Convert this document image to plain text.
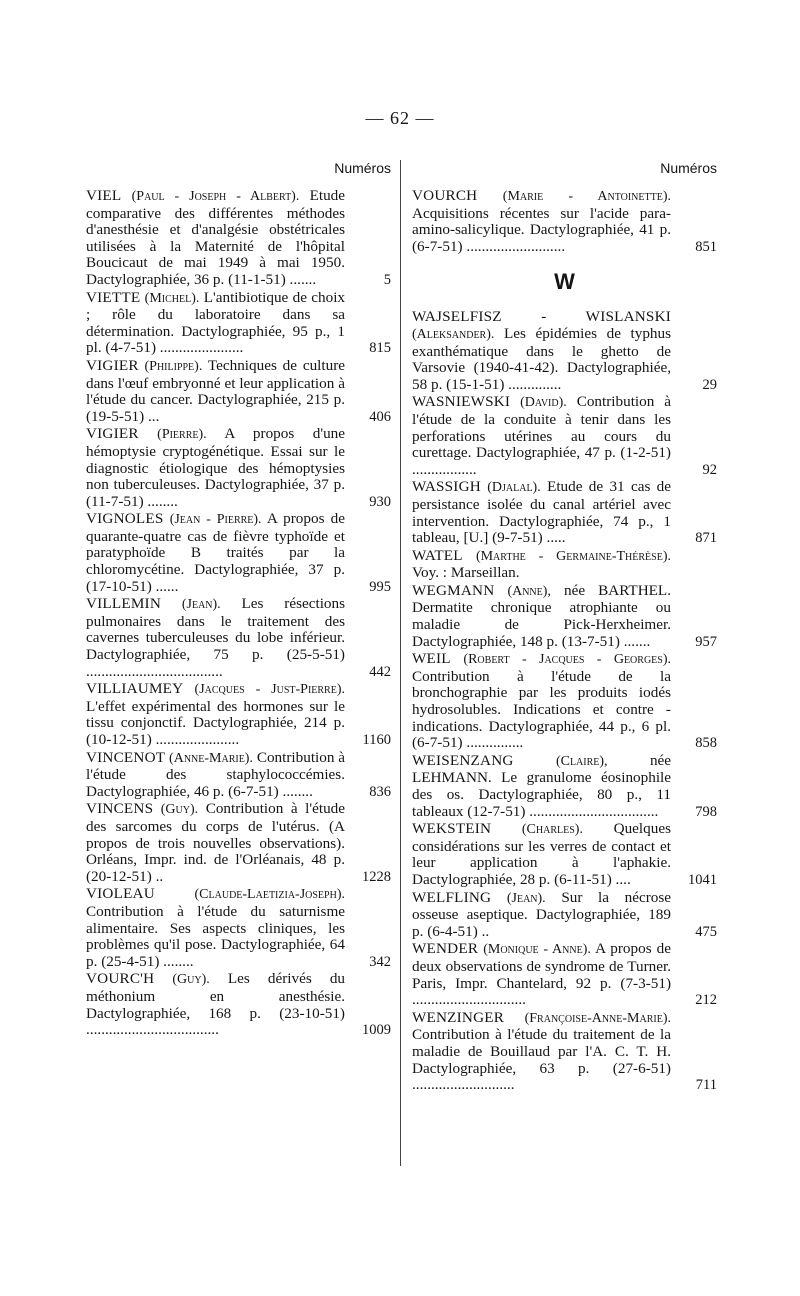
— 62 —
Numéros
VIEL (Paul - Joseph - Albert). Etude comparative des différentes méthodes d'anesthésie et d'analgésie obstétricales utilisées à la Maternité de l'hôpital Boucicaut de mai 1949 à mai 1950. Dactylographiée, 36 p. (11-1-51) .......	5
VIETTE (Michel). L'antibiotique de choix ; rôle du laboratoire dans sa détermination. Dactylographiée, 95 p., 1 pl. (4-7-51) ......................	815
VIGIER (Philippe). Techniques de culture dans l'œuf embryonné et leur application à l'étude du cancer. Dactylographiée, 215 p. (19-5-51) ...	406
VIGIER (Pierre). A propos d'une hémoptysie cryptogénétique. Essai sur le diagnostic étiologique des hémoptysies non tuberculeuses. Dactylographiée, 37 p. (11-7-51) ........	930
VIGNOLES (Jean - Pierre). A propos de quarante-quatre cas de fièvre typhoïde et paratyphoïde B traités par la chloromycétine. Dactylographiée, 37 p. (17-10-51) ......	995
VILLEMIN (Jean). Les résections pulmonaires dans le traitement des cavernes tuberculeuses du lobe inférieur. Dactylographiée, 75 p. (25-5-51) ....................................	442
VILLIAUMEY (Jacques - Just-Pierre). L'effet expérimental des hormones sur le tissu conjonctif. Dactylographiée, 214 p. (10-12-51) ......................	1160
VINCENOT (Anne-Marie). Contribution à l'étude des staphylococcémies. Dactylographiée, 46 p. (6-7-51) ........	836
VINCENS (Guy). Contribution à l'étude des sarcomes du corps de l'utérus. (A propos de trois nouvelles observations). Orléans, Impr. ind. de l'Orléanais, 48 p. (20-12-51) ..	1228
VIOLEAU	(Claude-Laetizia-Joseph). Contribution à l'étude du saturnisme alimentaire. Ses aspects cliniques, les problèmes qu'il pose. Dactylographiée, 64 p. (25-4-51) ........	342
VOURC'H (Guy). Les dérivés du méthonium en anesthésie. Dactylographiée, 168 p. (23-10-51) ...................................	1009
Numéros
VOURCH (Marie - Antoinette). Acquisitions récentes sur l'acide para-amino-salicylique. Dactylographiée, 41 p. (6-7-51) ..........................	851
W
WAJSELFISZ - WISLANSKI (Aleksander). Les épidémies de typhus exanthématique dans le ghetto de Varsovie (1940-41-42). Dactylographiée, 58 p. (15-1-51) ..............	29
WASNIEWSKI (David). Contribution à l'étude de la conduite à tenir dans les perforations utérines au cours du curettage. Dactylographiée, 47 p. (1-2-51) .................	92
WASSIGH (Djalal). Etude de 31 cas de persistance isolée du canal artériel avec intervention. Dactylographiée, 74 p., 1 tableau, [U.] (9-7-51) .....	871
WATEL (Marthe - Germaine-Thérèse). Voy. : Marseillan.
WEGMANN (Anne), née BARTHEL. Dermatite chronique atrophiante ou maladie de Pick-Herxheimer. Dactylographiée, 148 p. (13-7-51) .......	957
WEIL (Robert - Jacques - Georges). Contribution à l'étude de la bronchographie par les produits iodés hydrosolubles. Indications et contre - indications. Dactylographiée, 44 p., 6 pl. (6-7-51) ...............	858
WEISENZANG	(Claire),	née LEHMANN. Le granulome éosinophile des os. Dactylographiée, 80 p., 11 tableaux (12-7-51) ..................................	798
WEKSTEIN (Charles). Quelques considérations sur les verres de contact et leur application à l'aphakie. Dactylographiée, 28 p. (6-11-51) ....	1041
WELFLING (Jean). Sur la nécrose osseuse aseptique. Dactylographiée, 189 p. (6-4-51) ..	475
WENDER (Monique - Anne). A propos de deux observations de syndrome de Turner. Paris, Impr. Chantelard, 92 p. (7-3-51) ..............................	212
WENZINGER (Françoise-Anne-Marie). Contribution à l'étude du traitement de la maladie de Bouillaud par l'A. C. T. H. Dactylographiée, 63 p. (27-6-51) ...........................	711
